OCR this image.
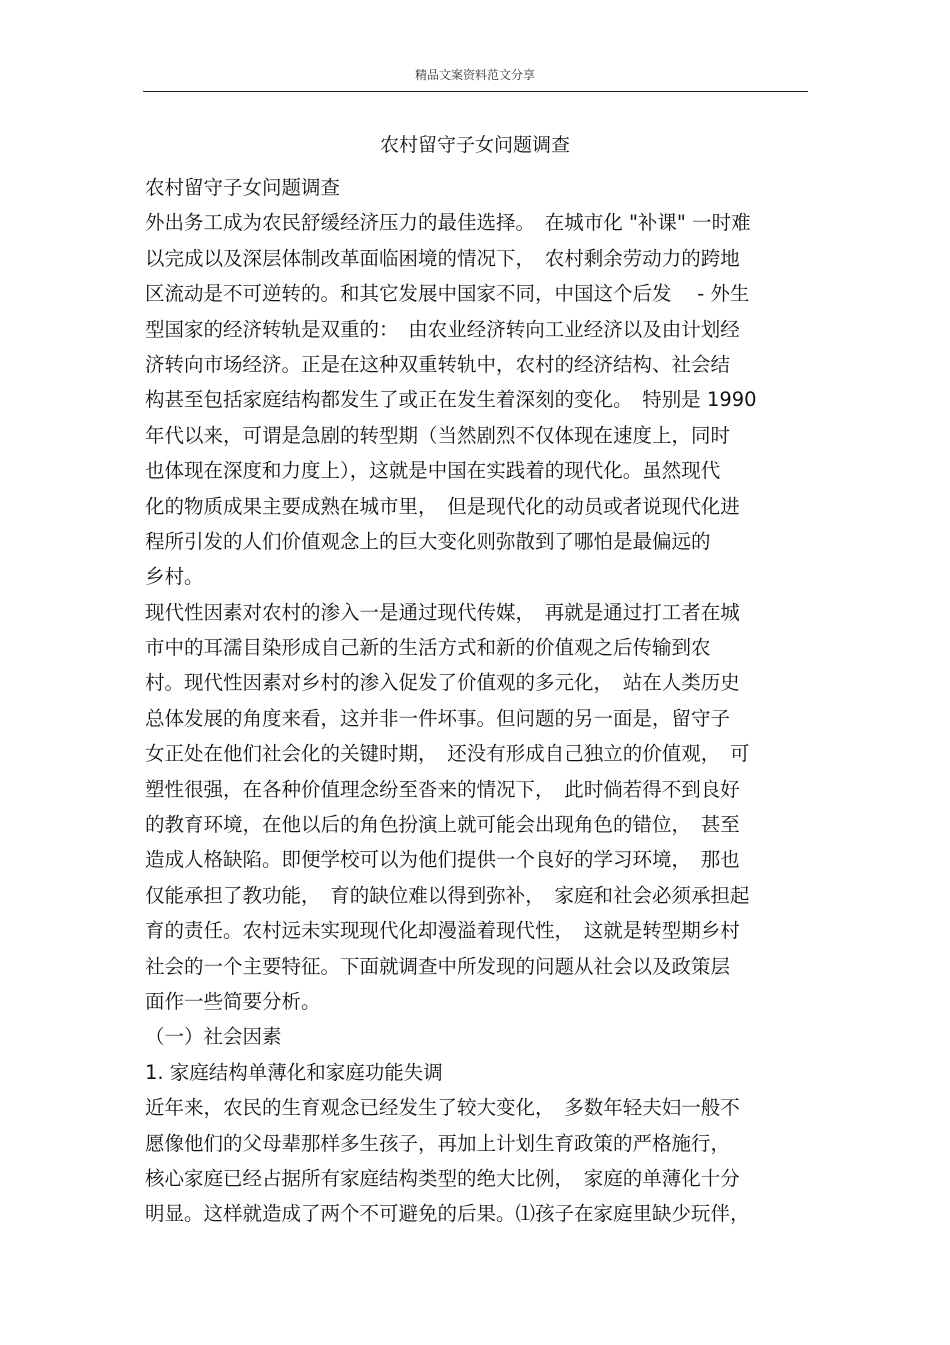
精品文案资料范文分享
农村留守子女问题调查
农村留守子女问题调查
外出务工成为农民舒缓经济压力的最佳选择。　在城市化 "补课" 一时难
以完成以及深层体制改革面临困境的情况下，　农村剩余劳动力的跨地
区流动是不可逆转的。和其它发展中国家不同，中国这个后发　 - 外生
型国家的经济转轨是双重的：　由农业经济转向工业经济以及由计划经
济转向市场经济。正是在这种双重转轨中，农村的经济结构、社会结
构甚至包括家庭结构都发生了或正在发生着深刻的变化。　特别是 1990
年代以来，可谓是急剧的转型期（当然剧烈不仅体现在速度上，同时
也体现在深度和力度上），这就是中国在实践着的现代化。虽然现代
化的物质成果主要成熟在城市里，　但是现代化的动员或者说现代化进
程所引发的人们价值观念上的巨大变化则弥散到了哪怕是最偏远的
乡村。
现代性因素对农村的渗入一是通过现代传媒，　再就是通过打工者在城
市中的耳濡目染形成自己新的生活方式和新的价值观之后传输到农
村。现代性因素对乡村的渗入促发了价值观的多元化，　站在人类历史
总体发展的角度来看，这并非一件坏事。但问题的另一面是，留守子
女正处在他们社会化的关键时期，　还没有形成自己独立的价值观，　可
塑性很强，在各种价值理念纷至沓来的情况下，　此时倘若得不到良好
的教育环境，在他以后的角色扮演上就可能会出现角色的错位，　甚至
造成人格缺陷。即便学校可以为他们提供一个良好的学习环境，　那也
仅能承担了教功能，　育的缺位难以得到弥补，　家庭和社会必须承担起
育的责任。农村远未实现现代化却漫溢着现代性，　这就是转型期乡村
社会的一个主要特征。下面就调查中所发现的问题从社会以及政策层
面作一些简要分析。
（一）社会因素
1. 家庭结构单薄化和家庭功能失调
近年来，农民的生育观念已经发生了较大变化，　多数年轻夫妇一般不
愿像他们的父母辈那样多生孩子，再加上计划生育政策的严格施行，
核心家庭已经占据所有家庭结构类型的绝大比例，　家庭的单薄化十分
明显。这样就造成了两个不可避免的后果。⑴孩子在家庭里缺少玩伴，
